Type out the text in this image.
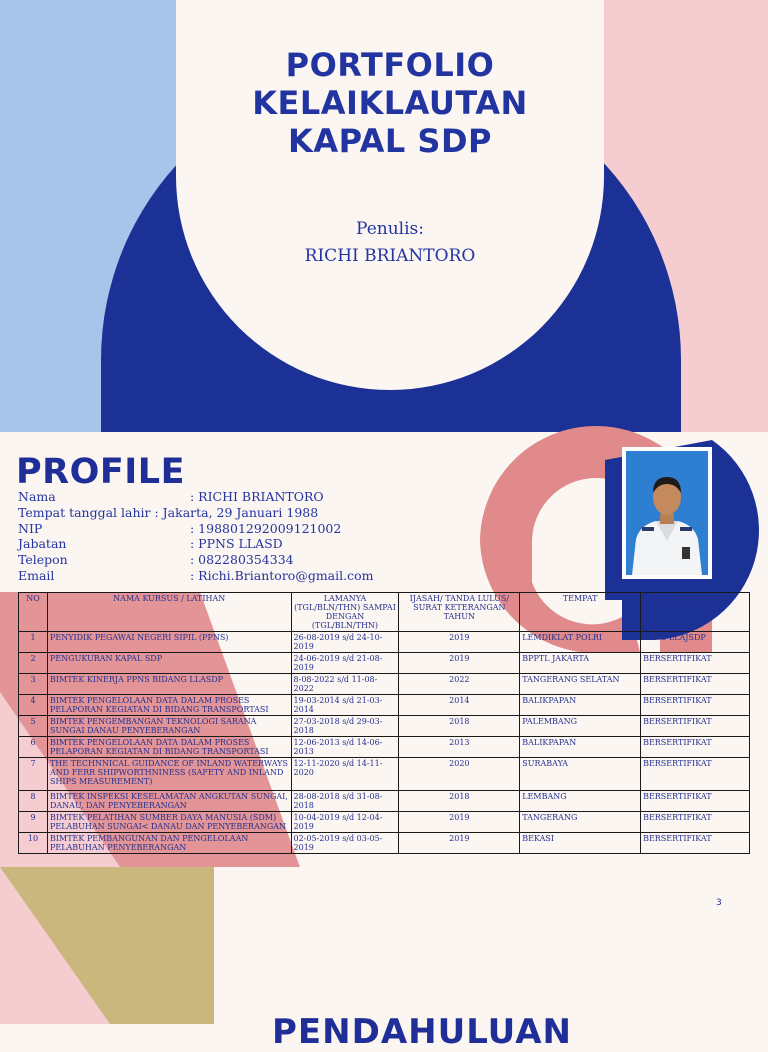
PORTFOLIO
KELAIKLAUTAN
KAPAL SDP
Penulis:
RICHI BRIANTORO
PROFILE
Nama	: RICHI BRIANTORO
Tempat tanggal lahir : Jakarta, 29 Januari 1988
NIP	: 198801292009121002
Jabatan	: PPNS LLASD
Telepon	: 082280354334
Email	: Richi.Briantoro@gmail.com
NO	NAMA KURSUS / LATIHAN	LAMANYA (TGL/BLN/THN) SAMPAI DENGAN (TGL/BLN/THN)	IJASAH/ TANDA LULUS/ SURAT KETERANGAN TAHUN	TEMPAT	KETERANGAN
1	PENYIDIK PEGAWAI NEGERI SIPIL (PPNS)	26-08-2019 s/d 24-10-2019	2019	LEMDIKLAT POLRI	PPNS LLAJSDP
2	PENGUKURAN KAPAL SDP	24-06-2019 s/d 21-08-2019	2019	BPPTL JAKARTA	BERSERTIFIKAT
3	BIMTEK KINERJA PPNS BIDANG LLASDP	8-08-2022 s/d 11-08-2022	2022	TANGERANG SELATAN	BERSERTIFIKAT
4	BIMTEK PENGELOLAAN DATA DALAM PROSES PELAPORAN KEGIATAN DI BIDANG TRANSPORTASI	19-03-2014 s/d 21-03-2014	2014	BALIKPAPAN	BERSERTIFIKAT
5	BIMTEK PENGEMBANGAN TEKNOLOGI SARANA SUNGAI DANAU PENYEBERANGAN	27-03-2018 s/d 29-03-2018	2018	PALEMBANG	BERSERTIFIKAT
6	BIMTEK PENGELOLAAN DATA DALAM PROSES PELAPORAN KEGIATAN DI BIDANG TRANSPORTASI	12-06-2013 s/d 14-06-2013	2013	BALIKPAPAN	BERSERTIFIKAT
7	THE TECHNNICAL GUIDANCE OF INLAND WATERWAYS AND FERR SHIPWORTHNINESS (SAFETY AND INLAND SHIPS MEASUREMENT)	12-11-2020 s/d 14-11-2020	2020	SURABAYA	BERSERTIFIKAT
8	BIMTEK INSPEKSI KESELAMATAN ANGKUTAN SUNGAI, DANAU, DAN PENYEBERANGAN	28-08-2018 s/d 31-08-2018	2018	LEMBANG	BERSERTIFIKAT
9	BIMTEK PELATIHAN SUMBER DAYA MANUSIA (SDM) PELABUHAN SUNGAI< DANAU DAN PENYEBERANGAN	10-04-2019 s/d 12-04-2019	2019	TANGERANG	BERSERTIFIKAT
10	BIMTEK PEMBANGUNAN DAN PENGELOLAAN PELABUHAN PENYEBERANGAN	02-05-2019 s/d 03-05-2019	2019	BEKASI	BERSERTIFIKAT
3
PENDAHULUAN
